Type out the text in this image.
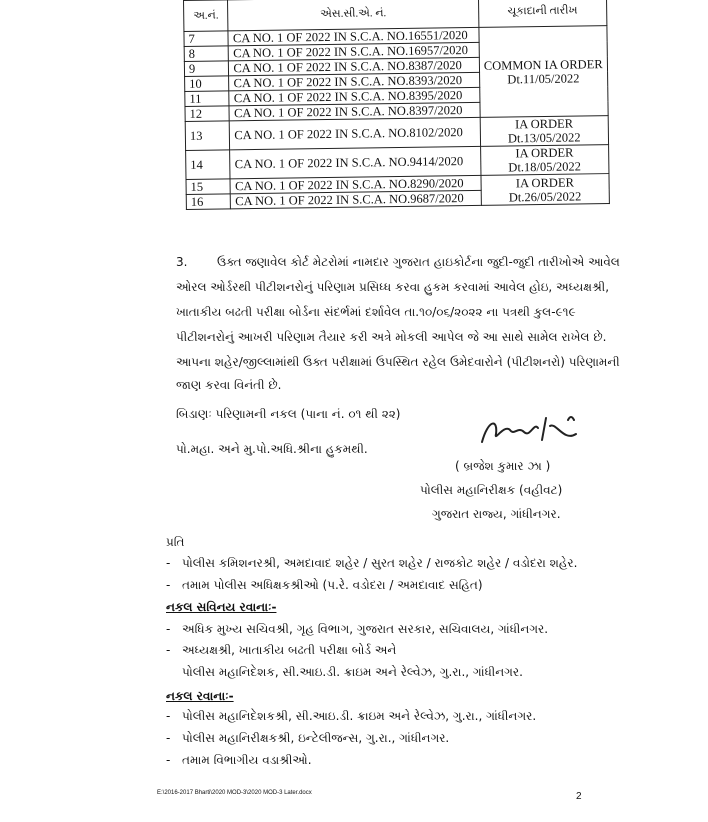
અ.નં.	એસ.સી.એ. નં.	ચૂકાદાની તારીખ
7	CA NO. 1 OF 2022 IN S.C.A. NO.16551/2020	COMMON IA ORDER
Dt.11/05/2022

8	CA NO. 1 OF 2022 IN S.C.A. NO.16957/2020	
9	CA NO. 1 OF 2022 IN S.C.A. NO.8387/2020	
10	CA NO. 1 OF 2022 IN S.C.A. NO.8393/2020	
11	CA NO. 1 OF 2022 IN S.C.A. NO.8395/2020	
12	CA NO. 1 OF 2022 IN S.C.A. NO.8397/2020	
13	CA NO. 1 OF 2022 IN S.C.A. NO.8102/2020	IA ORDER
Dt.13/05/2022

14	CA NO. 1 OF 2022 IN S.C.A. NO.9414/2020	IA ORDER
Dt.18/05/2022

15	CA NO. 1 OF 2022 IN S.C.A. NO.8290/2020	IA ORDER
Dt.26/05/2022

16	CA NO. 1 OF 2022 IN S.C.A. NO.9687/2020	
3. ઉક્ત જણાવેલ કોર્ટ મેટરોમાં નામદાર ગુજરાત હાઇકોર્ટના જુદી-જુદી તારીખોએ આવેલ
ઓરલ ઓર્ડરથી પીટીશનરોનું પરિણામ પ્રસિધ્ધ કરવા હુકમ કરવામાં આવેલ હોઇ, અધ્યક્ષશ્રી,
ખાતાકીય બઢતી પરીક્ષા બોર્ડના સંદર્ભમાં દર્શાવેલ તા.૧૦/૦૬/૨૦૨૨ ના પત્રથી કુલ-૯૧૯
પીટીશનરોનું આખરી પરિણામ તૈયાર કરી અત્રે મોકલી આપેલ જે આ સાથે સામેલ રાખેલ છે.
આપના શહેર/જીલ્લામાંથી ઉક્ત પરીક્ષામાં ઉપસ્થિત રહેલ ઉમેદવારોને (પીટીશનરો) પરિણામની
જાણ કરવા વિનંતી છે.
બિડાણઃ પરિણામની નકલ (પાના નં. ૦૧ થી ૨૨)
પો.મહા. અને મુ.પો.અધિ.શ્રીના હુકમથી.
( બ્રજેશ કુમાર ઝા )
પોલીસ મહાનિરીક્ષક (વહીવટ)
ગુજરાત રાજ્ય, ગાંધીનગર.
પ્રતિ
- પોલીસ કમિશનરશ્રી, અમદાવાદ શહેર / સુરત શહેર / રાજકોટ શહેર / વડોદરા શહેર.
- તમામ પોલીસ અધિક્ષકશ્રીઓ (પ.રે. વડોદરા / અમદાવાદ સહિત)
નકલ સવિનય રવાનાઃ-
- અધિક મુખ્ય સચિવશ્રી, ગૃહ વિભાગ, ગુજરાત સરકાર, સચિવાલય, ગાંધીનગર.
- અધ્યક્ષશ્રી, ખાતાકીય બઢતી પરીક્ષા બોર્ડ અને
પોલીસ મહાનિદેશક, સી.આઇ.ડી. ક્રાઇમ અને રેલ્વેઝ, ગુ.રા., ગાંધીનગર.
નકલ રવાનાઃ-
- પોલીસ મહાનિદેશકશ્રી, સી.આઇ.ડી. ક્રાઇમ અને રેલ્વેઝ, ગુ.રા., ગાંધીનગર.
- પોલીસ મહાનિરીક્ષકશ્રી, ઇન્ટેલીજન્સ, ગુ.રા., ગાંધીનગર.
- તમામ વિભાગીય વડાશ્રીઓ.
E:\2016-2017 Bharti\2020 MOD-3\2020 MOD-3 Later.docx	2
